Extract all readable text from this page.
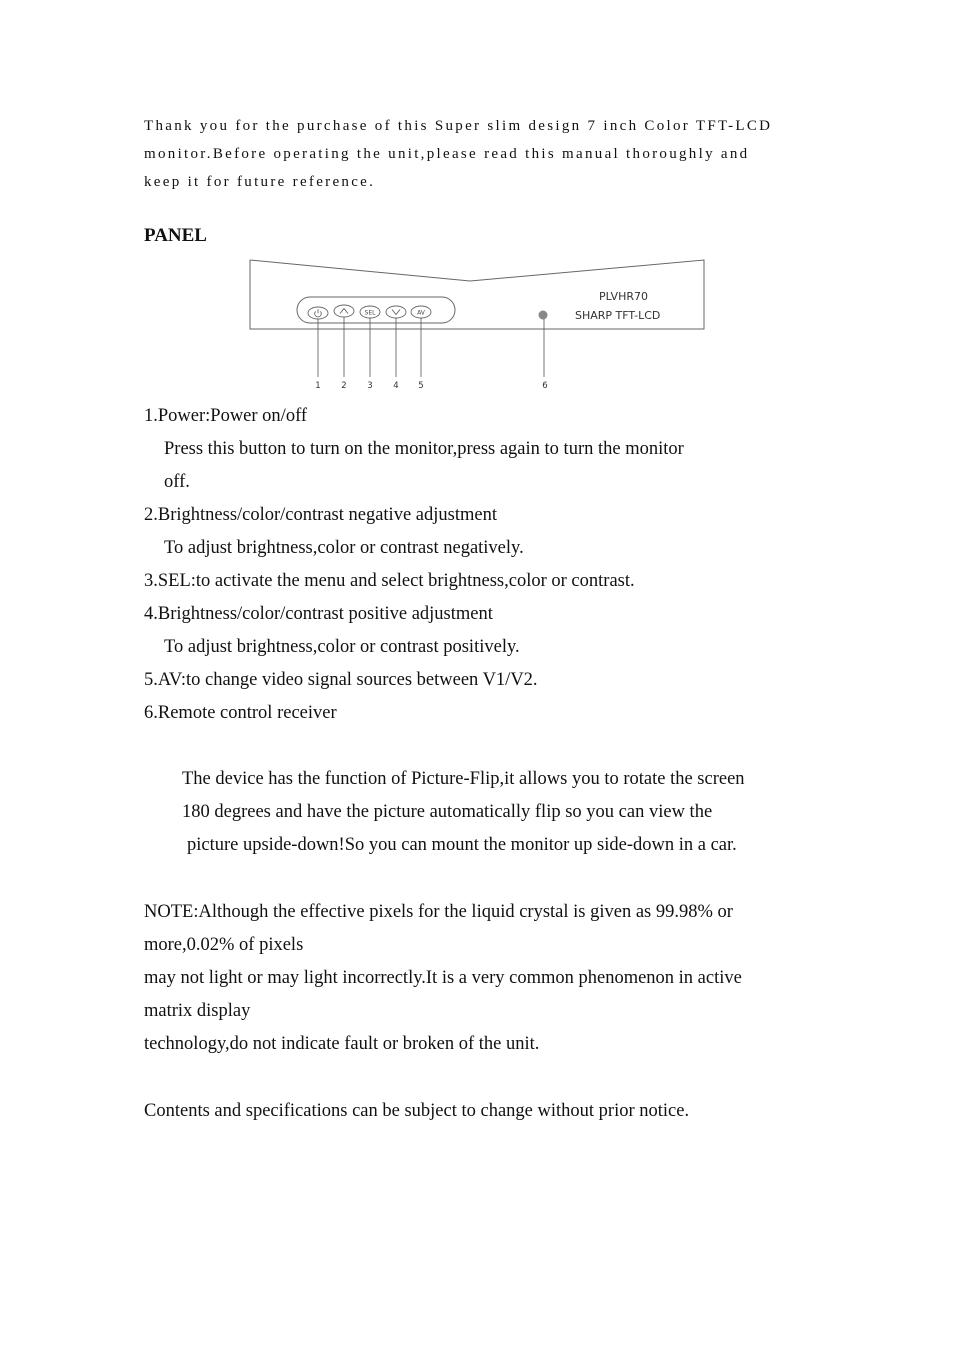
Thank you for the purchase of this Super slim design 7 inch Color TFT-LCD
monitor.Before operating the unit,please read this manual thoroughly and
keep it for future reference.

PANEL
SEL	AV
PLVHR70
SHARP TFT-LCD
1 2 3 4 5	6
1.Power:Power on/off
Press this button to turn on the monitor,press again to turn the monitor
off.
2.Brightness/color/contrast negative adjustment
To adjust brightness,color or contrast negatively.
3.SEL:to activate the menu and select brightness,color or contrast.
4.Brightness/color/contrast positive adjustment
To adjust brightness,color or contrast positively.
5.AV:to change video signal sources between V1/V2.
6.Remote control receiver

The device has the function of Picture-Flip,it allows you to rotate the screen
180 degrees and have the picture automatically flip so you can view the
picture upside-down!So you can mount the monitor up side-down in a car.

NOTE:Although the effective pixels for the liquid crystal is given as 99.98% or
more,0.02% of pixels
may not light or may light incorrectly.It is a very common phenomenon in active
matrix display
technology,do not indicate fault or broken of the unit.

Contents and specifications can be subject to change without prior notice.
